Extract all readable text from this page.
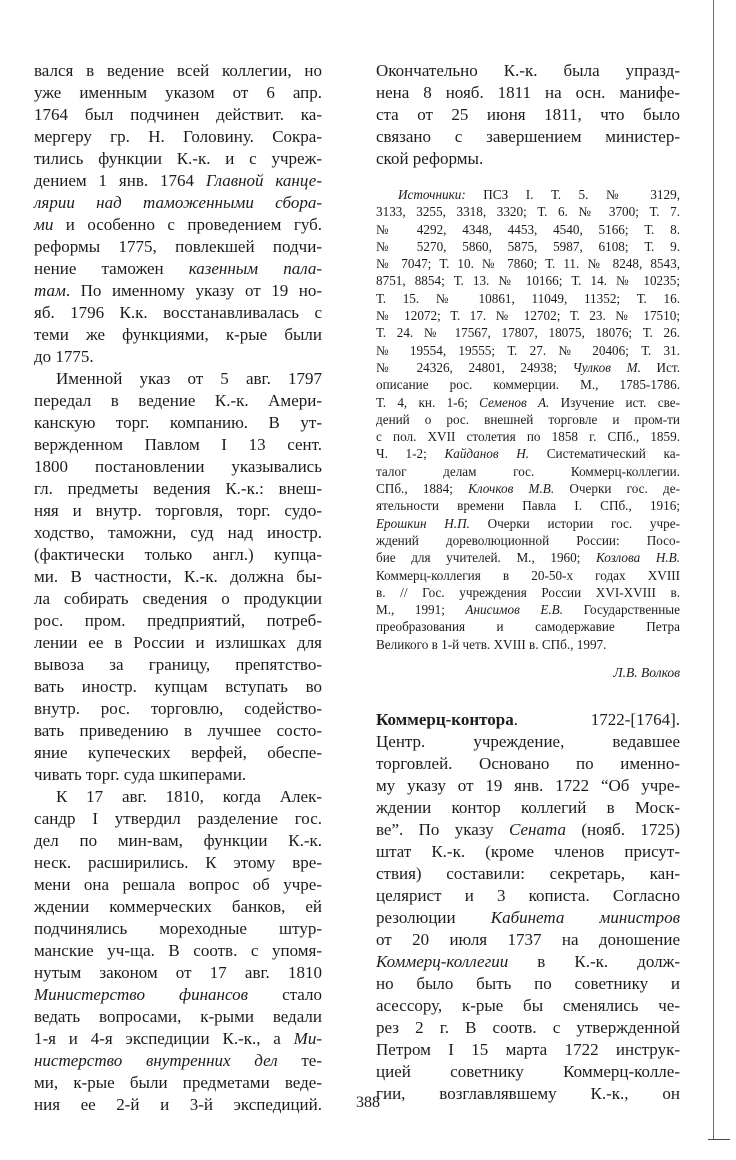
вался в ведение всей коллегии, но
уже именным указом от 6 апр.
1764 был подчинен действит. ка-
мергеру гр. Н. Головину. Сокра-
тились функции К.-к. и с учреж-
дением 1 янв. 1764 Главной канце-
лярии над таможенными сбора-
ми и особенно с проведением губ.
реформы 1775, повлекшей подчи-
нение таможен казенным пала-
там. По именному указу от 19 но-
яб. 1796 К.к. восстанавливалась с
теми же функциями, к-рые были
до 1775.
Именной указ от 5 авг. 1797
передал в ведение К.-к. Амери-
канскую торг. компанию. В ут-
вержденном Павлом I 13 сент.
1800 постановлении указывались
гл. предметы ведения К.-к.: внеш-
няя и внутр. торговля, торг. судо-
ходство, таможни, суд над иностр.
(фактически только англ.) купца-
ми. В частности, К.-к. должна бы-
ла собирать сведения о продукции
рос. пром. предприятий, потреб-
лении ее в России и излишках для
вывоза за границу, препятство-
вать иностр. купцам вступать во
внутр. рос. торговлю, содейство-
вать приведению в лучшее состо-
яние купеческих верфей, обеспе-
чивать торг. суда шкиперами.
К 17 авг. 1810, когда Алек-
сандр I утвердил разделение гос.
дел по мин-вам, функции К.-к.
неск. расширились. К этому вре-
мени она решала вопрос об учре-
ждении коммерческих банков, ей
подчинялись мореходные штур-
манские уч-ща. В соотв. с упомя-
нутым законом от 17 авг. 1810
Министерство финансов стало
ведать вопросами, к-рыми ведали
1-я и 4-я экспедиции К.-к., а Ми-
нистерство внутренних дел те-
ми, к-рые были предметами веде-
ния ее 2-й и 3-й экспедиций.
Окончательно К.-к. была упразд-
нена 8 нояб. 1811 на осн. манифе-
ста от 25 июня 1811, что было
связано с завершением министер-
ской реформы.
Источники: ПСЗ I. Т. 5. № 3129,
3133, 3255, 3318, 3320; Т. 6. № 3700; Т. 7.
№ 4292, 4348, 4453, 4540, 5166; Т. 8.
№ 5270, 5860, 5875, 5987, 6108; Т. 9.
№ 7047; Т. 10. № 7860; Т. 11. № 8248, 8543,
8751, 8854; Т. 13. № 10166; Т. 14. № 10235;
Т. 15. № 10861, 11049, 11352; Т. 16.
№ 12072; Т. 17. № 12702; Т. 23. № 17510;
Т. 24. № 17567, 17807, 18075, 18076; Т. 26.
№ 19554, 19555; Т. 27. № 20406; Т. 31.
№ 24326, 24801, 24938; Чулков М. Ист.
описание рос. коммерции. М., 1785-1786.
Т. 4, кн. 1-6; Семенов А. Изучение ист. све-
дений о рос. внешней торговле и пром-ти
с пол. XVII столетия по 1858 г. СПб., 1859.
Ч. 1-2; Кайданов Н. Систематический ка-
талог делам гос. Коммерц-коллегии.
СПб., 1884; Клочков М.В. Очерки гос. де-
ятельности времени Павла I. СПб., 1916;
Ерошкин Н.П. Очерки истории гос. учре-
ждений дореволюционной России: Посо-
бие для учителей. М., 1960; Козлова Н.В.
Коммерц-коллегия в 20-50-х годах XVIII
в. // Гос. учреждения России XVI-XVIII в.
М., 1991; Анисимов Е.В. Государственные
преобразования и самодержавие Петра
Великого в 1-й четв. XVIII в. СПб., 1997.
Л.В. Волков
Коммерц-контора. 1722-[1764].
Центр. учреждение, ведавшее
торговлей. Основано по именно-
му указу от 19 янв. 1722 “Об учре-
ждении контор коллегий в Моск-
ве”. По указу Сената (нояб. 1725)
штат К.-к. (кроме членов присут-
ствия) составили: секретарь, кан-
целярист и 3 кописта. Согласно
резолюции Кабинета министров
от 20 июля 1737 на доношение
Коммерц-коллегии в К.-к. долж-
но было быть по советнику и
асессору, к-рые бы сменялись че-
рез 2 г. В соотв. с утвержденной
Петром I 15 марта 1722 инструк-
цией советнику Коммерц-колле-
гии, возглавлявшему К.-к., он
388
